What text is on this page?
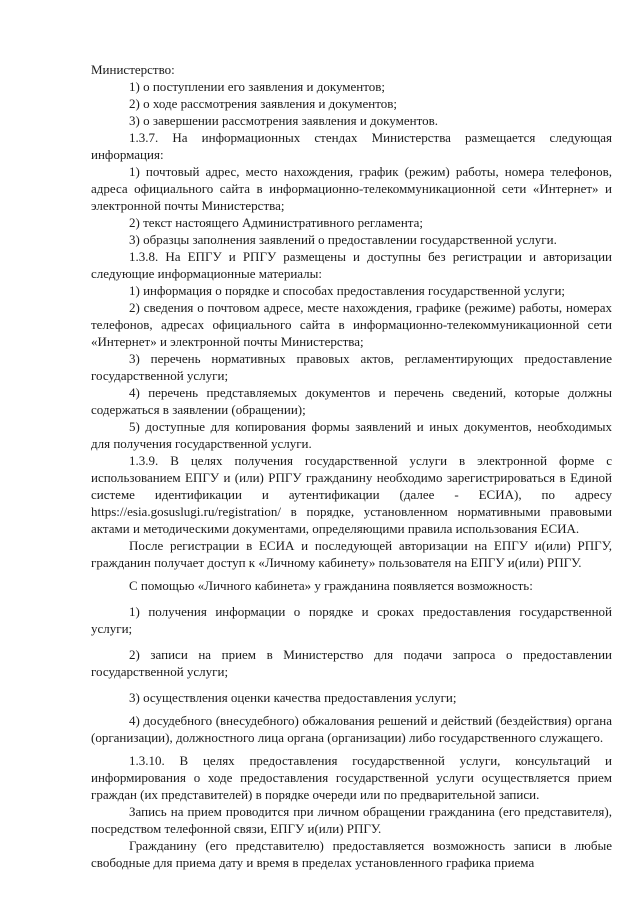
Министерство:

1) о поступлении его заявления и документов;

2) о ходе рассмотрения заявления и документов;

3) о завершении рассмотрения заявления и документов.

1.3.7. На информационных стендах Министерства размещается следующая информация:

1) почтовый адрес, место нахождения, график (режим) работы, номера телефонов, адреса официального сайта в информационно-телекоммуникационной сети «Интернет» и электронной почты Министерства;

2) текст настоящего Административного регламента;

3) образцы заполнения заявлений о предоставлении государственной услуги.

1.3.8. На ЕПГУ и РПГУ размещены и доступны без регистрации и авторизации следующие информационные материалы:

1) информация о порядке и способах предоставления государственной услуги;

2) сведения о почтовом адресе, месте нахождения, графике (режиме) работы, номерах телефонов, адресах официального сайта в информационно-телекоммуникационной сети «Интернет» и электронной почты Министерства;

3) перечень нормативных правовых актов, регламентирующих предоставление государственной услуги;

4) перечень представляемых документов и перечень сведений, которые должны содержаться в заявлении (обращении);

5) доступные для копирования формы заявлений и иных документов, необходимых для получения государственной услуги.

1.3.9. В целях получения государственной услуги в электронной форме с использованием ЕПГУ и (или) РПГУ гражданину необходимо зарегистрироваться в Единой системе идентификации и аутентификации (далее - ЕСИА), по адресу https://esia.gosuslugi.ru/registration/ в порядке, установленном нормативными правовыми актами и методическими документами, определяющими правила использования ЕСИА.

После регистрации в ЕСИА и последующей авторизации на ЕПГУ и(или) РПГУ, гражданин получает доступ к «Личному кабинету» пользователя на ЕПГУ и(или) РПГУ.

С помощью «Личного кабинета» у гражданина появляется возможность:

1) получения информации о порядке и сроках предоставления государственной услуги;

2) записи на прием в Министерство для подачи запроса о предоставлении государственной услуги;

3) осуществления оценки качества предоставления услуги;

4) досудебного (внесудебного) обжалования решений и действий (бездействия) органа (организации), должностного лица органа (организации) либо государственного служащего.

1.3.10. В целях предоставления государственной услуги, консультаций и информирования о ходе предоставления государственной услуги осуществляется прием граждан (их представителей) в порядке очереди или по предварительной записи.

Запись на прием проводится при личном обращении гражданина (его представителя), посредством телефонной связи, ЕПГУ и(или) РПГУ.

Гражданину (его представителю) предоставляется возможность записи в любые свободные для приема дату и время в пределах установленного графика приема
